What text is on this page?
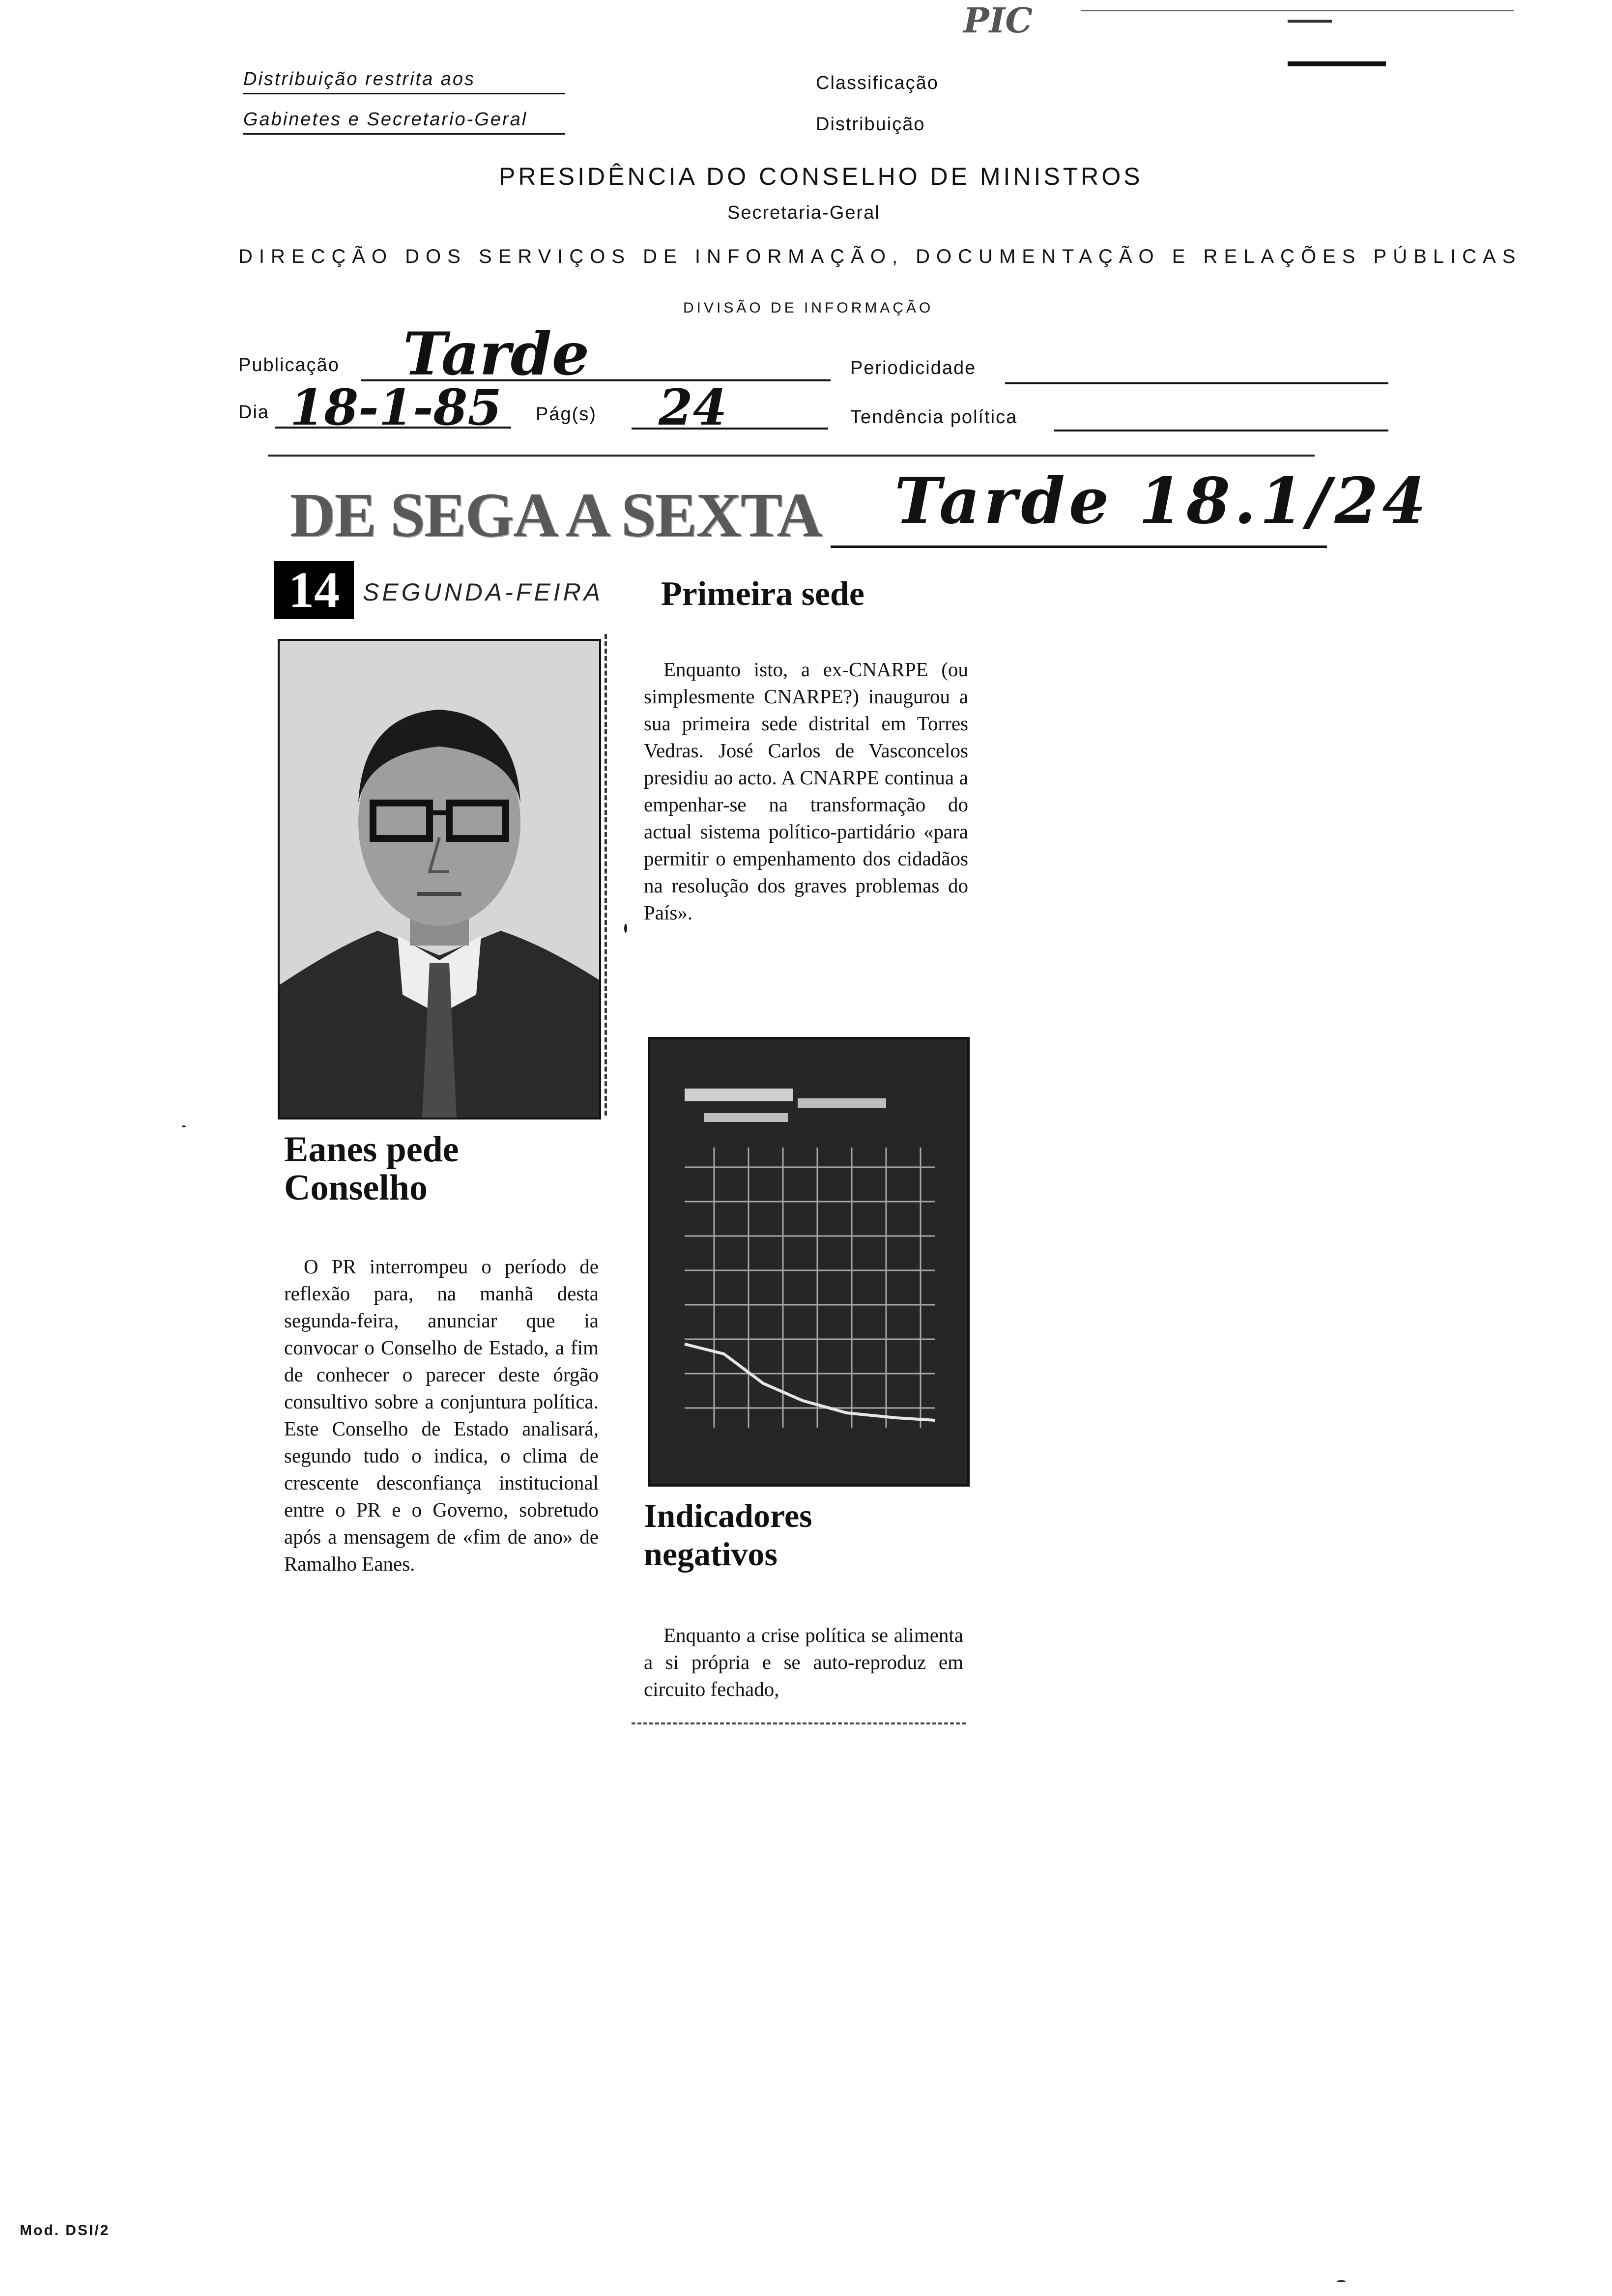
PIC
Distribuição restrita aos
Gabinetes e Secretario-Geral
Classificação
Distribuição
PRESIDÊNCIA DO CONSELHO DE MINISTROS
Secretaria-Geral
DIRECÇÃO DOS SERVIÇOS DE INFORMAÇÃO, DOCUMENTAÇÃO E RELAÇÕES PÚBLICAS
DIVISÃO DE INFORMAÇÃO
Publicação Tarde	Periodicidade
Dia 18-1-85 Pág(s) 24	Tendência política
DE SEGA A SEXTA Tarde 18.1/24
14 SEGUNDA-FEIRA
Eanes pede Conselho
O PR interrompeu o período de reflexão para, na manhã desta segunda-feira, anunciar que ia convocar o Conselho de Estado, a fim de conhecer o parecer deste órgão consultivo sobre a conjuntura política. Este Conselho de Estado analisará, segundo tudo o indica, o clima de crescente desconfiança institucional entre o PR e o Governo, sobretudo após a mensagem de «fim de ano» de Ramalho Eanes.
Primeira sede
Enquanto isto, a ex-CNARPE (ou simplesmente CNARPE?) inaugurou a sua primeira sede distrital em Torres Vedras. José Carlos de Vasconcelos presidiu ao acto. A CNARPE continua a empenhar-se na transformação do actual sistema político-partidário «para permitir o empenhamento dos cidadãos na resolução dos graves problemas do País».
Indicadores negativos
Enquanto a crise política se alimenta a si própria e se auto-reproduz em circuito fechado,
Mod. DSI/2
